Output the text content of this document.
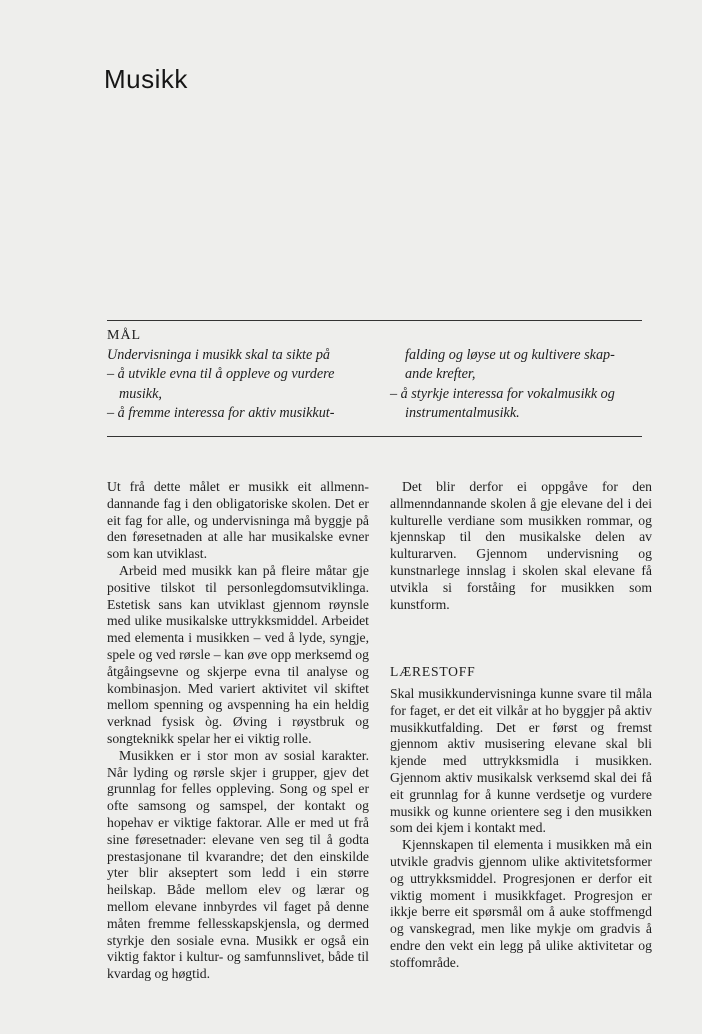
Musikk
MÅL

Undervisninga i musikk skal ta sikte på

– å utvikle evna til å oppleve og vurdere

musikk,

– å fremme interessa for aktiv musikkut-

falding og løyse ut og kultivere skap-

ande krefter,

– å styrkje interessa for vokalmusikk og

instrumentalmusikk.

Ut frå dette målet er musikk eit allmenn-dannande fag i den obligatoriske skolen. Det er eit fag for alle, og undervisninga må byggje på den føresetnaden at alle har musikalske evner som kan utviklast.

Arbeid med musikk kan på fleire måtar gje positive tilskot til personlegdomsutviklinga. Estetisk sans kan utviklast gjennom røynsle med ulike musikalske uttrykksmiddel. Arbeidet med elementa i musikken – ved å lyde, syngje, spele og ved rørsle – kan øve opp merksemd og åtgåingsevne og skjerpe evna til analyse og kombinasjon. Med variert aktivitet vil skiftet mellom spenning og avspenning ha ein heldig verknad fysisk òg. Øving i røystbruk og songteknikk spelar her ei viktig rolle.

Musikken er i stor mon av sosial karakter. Når lyding og rørsle skjer i grupper, gjev det grunnlag for felles oppleving. Song og spel er ofte samsong og samspel, der kontakt og hopehav er viktige faktorar. Alle er med ut frå sine føresetnader: elevane ven seg til å godta prestasjonane til kvarandre; det den einskilde yter blir akseptert som ledd i ein større heilskap. Både mellom elev og lærar og mellom elevane innbyrdes vil faget på denne måten fremme fellesskapskjensla, og dermed styrkje den sosiale evna. Musikk er også ein viktig faktor i kultur- og samfunnslivet, både til kvardag og høgtid.

Det blir derfor ei oppgåve for den allmenndannande skolen å gje elevane del i dei kulturelle verdiane som musikken rommar, og kjennskap til den musikalske delen av kulturarven. Gjennom undervisning og kunstnarlege innslag i skolen skal elevane få utvikla si forståing for musikken som kunstform.

LÆRESTOFF

Skal musikkundervisninga kunne svare til måla for faget, er det eit vilkår at ho byggjer på aktiv musikkutfalding. Det er først og fremst gjennom aktiv musisering elevane skal bli kjende med uttrykksmidla i musikken. Gjennom aktiv musikalsk verksemd skal dei få eit grunnlag for å kunne verdsetje og vurdere musikk og kunne orientere seg i den musikken som dei kjem i kontakt med.

Kjennskapen til elementa i musikken må ein utvikle gradvis gjennom ulike aktivitetsformer og uttrykksmiddel. Progresjonen er derfor eit viktig moment i musikkfaget. Progresjon er ikkje berre eit spørsmål om å auke stoffmengd og vanskegrad, men like mykje om gradvis å endre den vekt ein legg på ulike aktivitetar og stoffområde.
